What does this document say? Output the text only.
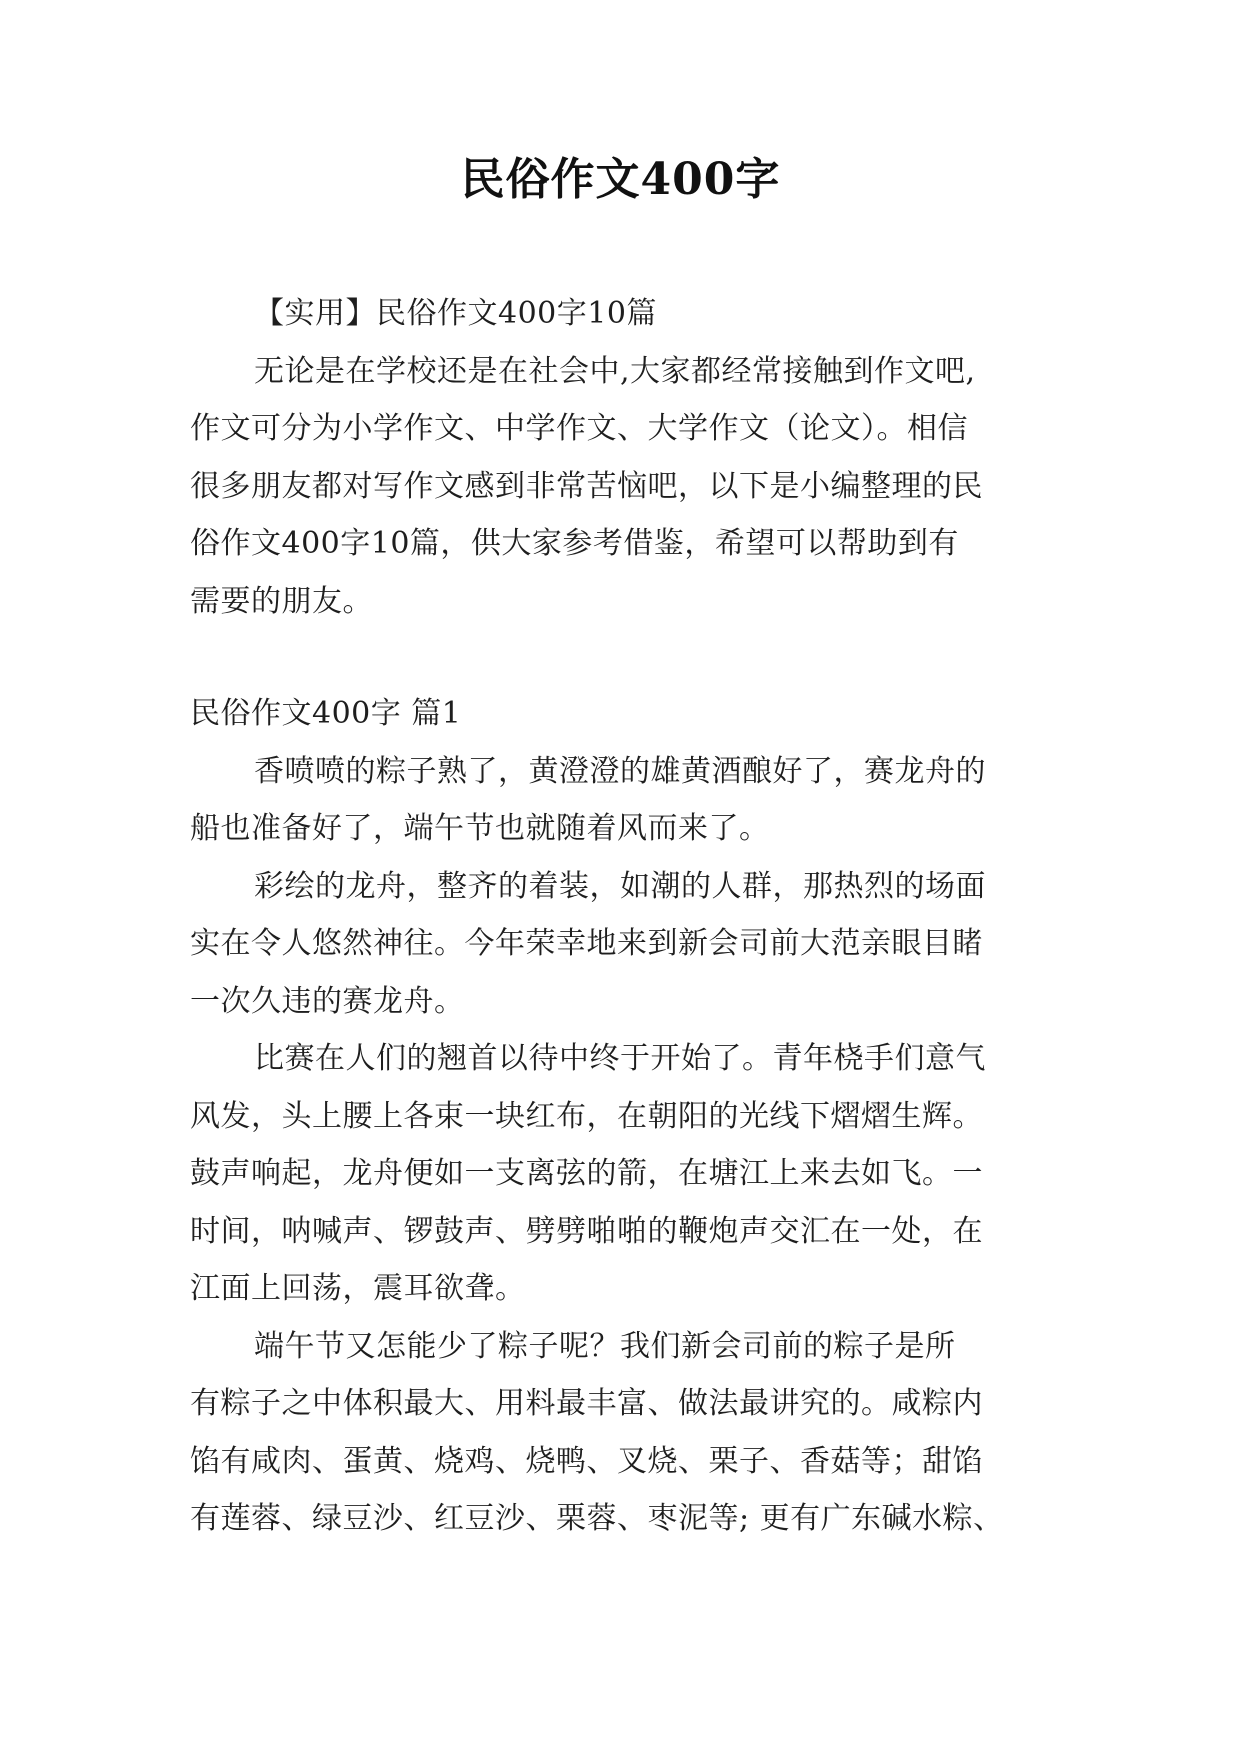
民俗作文400字
【实用】民俗作文400字10篇
无论是在学校还是在社会中,大家都经常接触到作文吧,
作文可分为小学作文、中学作文、大学作文（论文）。相信
很多朋友都对写作文感到非常苦恼吧，以下是小编整理的民
俗作文400字10篇，供大家参考借鉴，希望可以帮助到有
需要的朋友。
民俗作文400字 篇1
香喷喷的粽子熟了，黄澄澄的雄黄酒酿好了，赛龙舟的
船也准备好了，端午节也就随着风而来了。
彩绘的龙舟，整齐的着装，如潮的人群，那热烈的场面
实在令人悠然神往。今年荣幸地来到新会司前大范亲眼目睹
一次久违的赛龙舟。
比赛在人们的翘首以待中终于开始了。青年桡手们意气
风发，头上腰上各束一块红布，在朝阳的光线下熠熠生辉。
鼓声响起，龙舟便如一支离弦的箭，在塘江上来去如飞。一
时间，呐喊声、锣鼓声、劈劈啪啪的鞭炮声交汇在一处，在
江面上回荡，震耳欲聋。
端午节又怎能少了粽子呢？我们新会司前的粽子是所
有粽子之中体积最大、用料最丰富、做法最讲究的。咸粽内
馅有咸肉、蛋黄、烧鸡、烧鸭、叉烧、栗子、香菇等；甜馅
有莲蓉、绿豆沙、红豆沙、栗蓉、枣泥等; 更有广东碱水粽、
